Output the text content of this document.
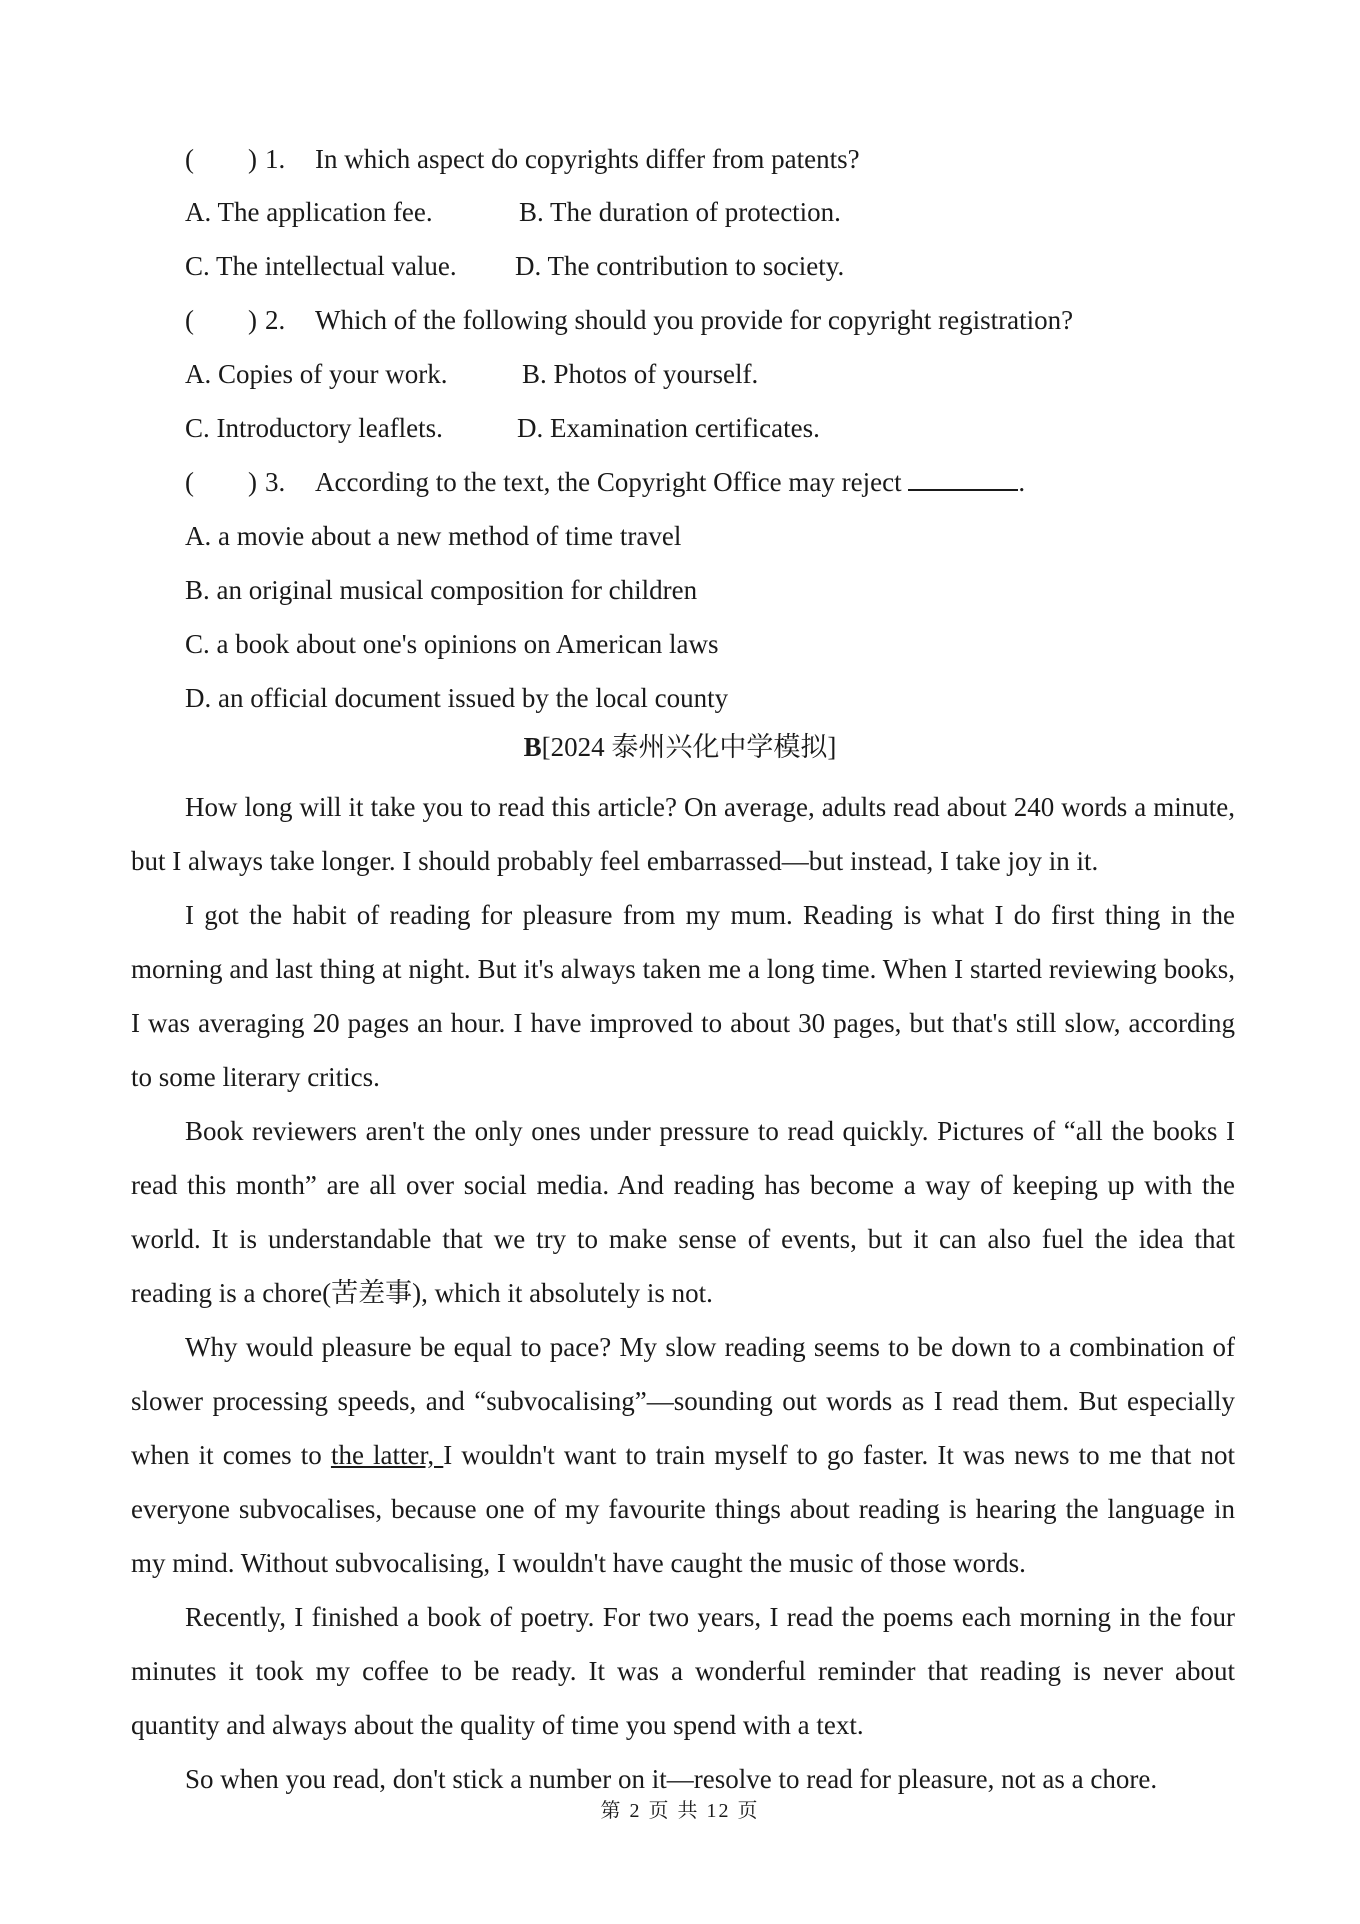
(　　) 1. In which aspect do copyrights differ from patents?
A. The application fee.	B. The duration of protection.
C. The intellectual value. D. The contribution to society.
(　　) 2. Which of the following should you provide for copyright registration?
A. Copies of your work.	B. Photos of yourself.
C. Introductory leaflets.	D. Examination certificates.
(　　) 3. According to the text, the Copyright Office may reject	.
A. a movie about a new method of time travel
B. an original musical composition for children
C. a book about one's opinions on American laws
D. an official document issued by the local county
B[2024 泰州兴化中学模拟]

How long will it take you to read this article? On average, adults read about 240 words a minute, but I always take longer. I should probably feel embarrassed—but instead, I take joy in it.

I got the habit of reading for pleasure from my mum. Reading is what I do first thing in the morning and last thing at night. But it's always taken me a long time. When I started reviewing books, I was averaging 20 pages an hour. I have improved to about 30 pages, but that's still slow, according to some literary critics.

Book reviewers aren't the only ones under pressure to read quickly. Pictures of “all the books I read this month” are all over social media. And reading has become a way of keeping up with the world. It is understandable that we try to make sense of events, but it can also fuel the idea that reading is a chore(苦差事), which it absolutely is not.

Why would pleasure be equal to pace? My slow reading seems to be down to a combination of slower processing speeds, and “subvocalising”—sounding out words as I read them. But especially when it comes to the latter, I wouldn't want to train myself to go faster. It was news to me that not everyone subvocalises, because one of my favourite things about reading is hearing the language in my mind. Without subvocalising, I wouldn't have caught the music of those words.

Recently, I finished a book of poetry. For two years, I read the poems each morning in the four minutes it took my coffee to be ready. It was a wonderful reminder that reading is never about quantity and always about the quality of time you spend with a text.

So when you read, don't stick a number on it—resolve to read for pleasure, not as a chore.

第 2 页 共 12 页
